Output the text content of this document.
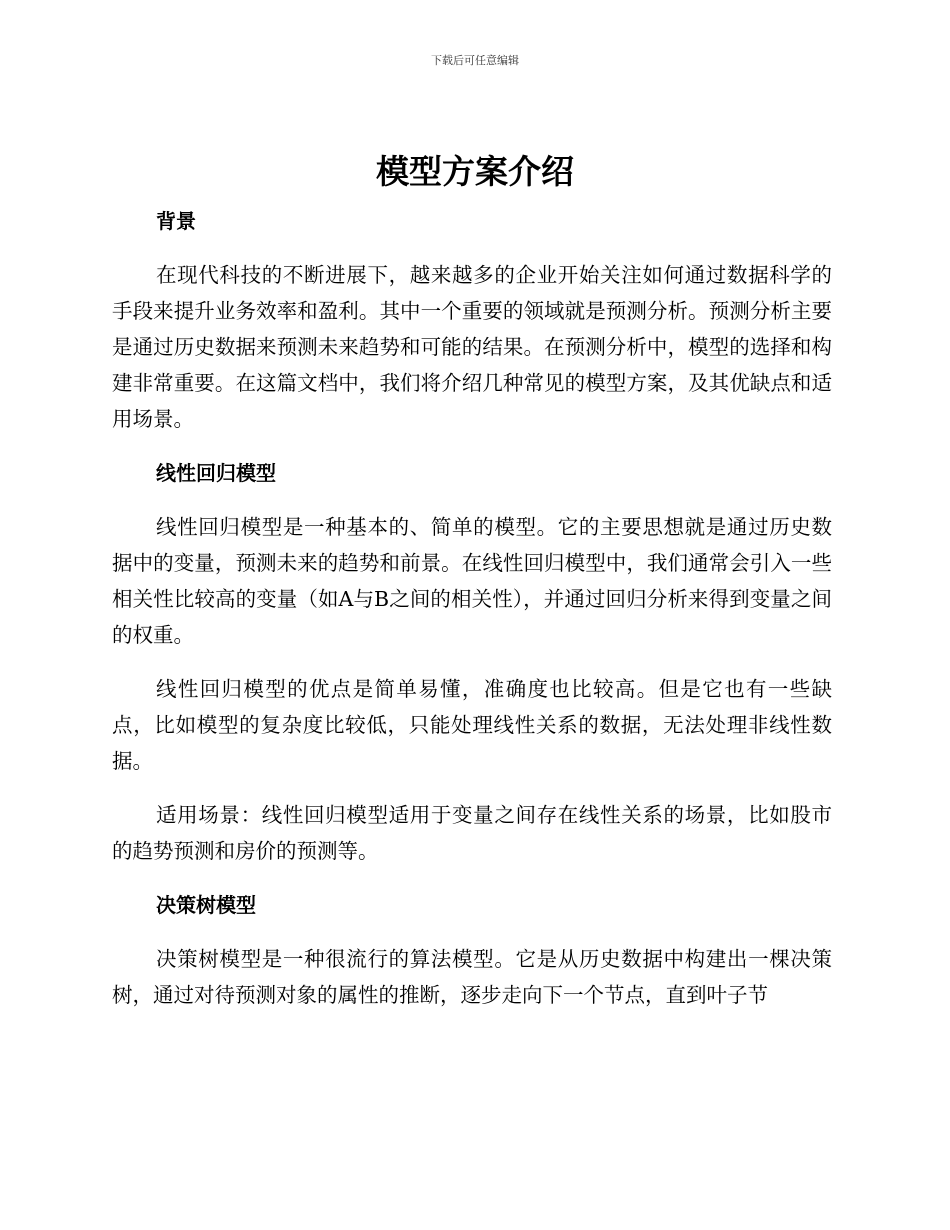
下载后可任意编辑
模型方案介绍
背景

在现代科技的不断进展下，越来越多的企业开始关注如何通过数据科学的手段来提升业务效率和盈利。其中一个重要的领域就是预测分析。预测分析主要是通过历史数据来预测未来趋势和可能的结果。在预测分析中，模型的选择和构建非常重要。在这篇文档中，我们将介绍几种常见的模型方案，及其优缺点和适用场景。

线性回归模型

线性回归模型是一种基本的、简单的模型。它的主要思想就是通过历史数据中的变量，预测未来的趋势和前景。在线性回归模型中，我们通常会引入一些相关性比较高的变量（如A与B之间的相关性），并通过回归分析来得到变量之间的权重。

线性回归模型的优点是简单易懂，准确度也比较高。但是它也有一些缺点，比如模型的复杂度比较低，只能处理线性关系的数据，无法处理非线性数据。

适用场景：线性回归模型适用于变量之间存在线性关系的场景，比如股市的趋势预测和房价的预测等。

决策树模型

决策树模型是一种很流行的算法模型。它是从历史数据中构建出一棵决策树，通过对待预测对象的属性的推断，逐步走向下一个节点，直到叶子节
